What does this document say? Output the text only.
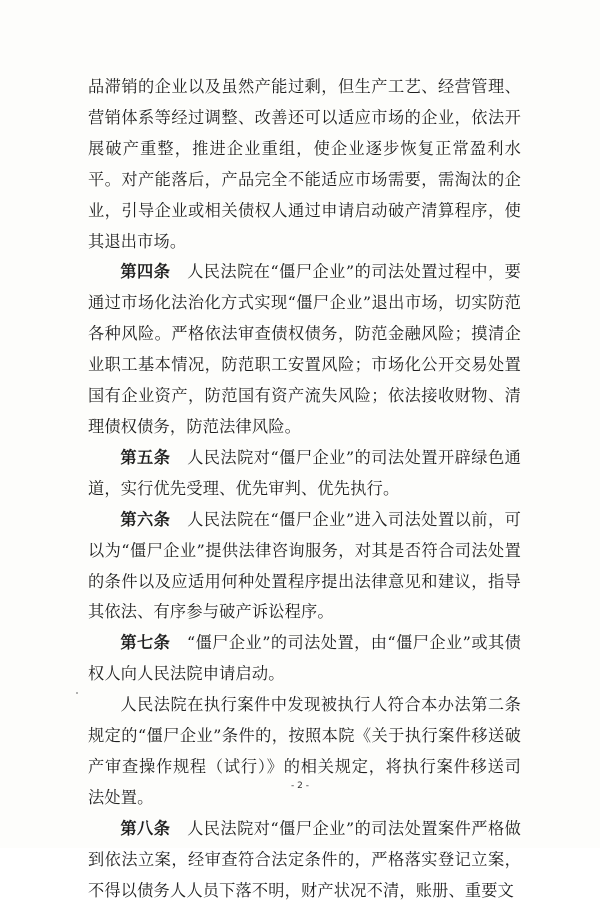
品滞销的企业以及虽然产能过剩，但生产工艺、经营管理、营销体系等经过调整、改善还可以适应市场的企业，依法开展破产重整，推进企业重组，使企业逐步恢复正常盈利水平。对产能落后，产品完全不能适应市场需要，需淘汰的企业，引导企业或相关债权人通过申请启动破产清算程序，使其退出市场。

第四条　人民法院在“僵尸企业”的司法处置过程中，要通过市场化法治化方式实现“僵尸企业”退出市场，切实防范各种风险。严格依法审查债权债务，防范金融风险；摸清企业职工基本情况，防范职工安置风险；市场化公开交易处置国有企业资产，防范国有资产流失风险；依法接收财物、清理债权债务，防范法律风险。

第五条　人民法院对“僵尸企业”的司法处置开辟绿色通道，实行优先受理、优先审判、优先执行。

第六条　人民法院在“僵尸企业”进入司法处置以前，可以为“僵尸企业”提供法律咨询服务，对其是否符合司法处置的条件以及应适用何种处置程序提出法律意见和建议，指导其依法、有序参与破产诉讼程序。

第七条　“僵尸企业”的司法处置，由“僵尸企业”或其债权人向人民法院申请启动。

人民法院在执行案件中发现被执行人符合本办法第二条规定的“僵尸企业”条件的，按照本院《关于执行案件移送破产审查操作规程（试行）》的相关规定，将执行案件移送司法处置。

第八条　人民法院对“僵尸企业”的司法处置案件严格做到依法立案，经审查符合法定条件的，严格落实登记立案，不得以债务人人员下落不明，财产状况不清，账册、重要文

- 2 -
